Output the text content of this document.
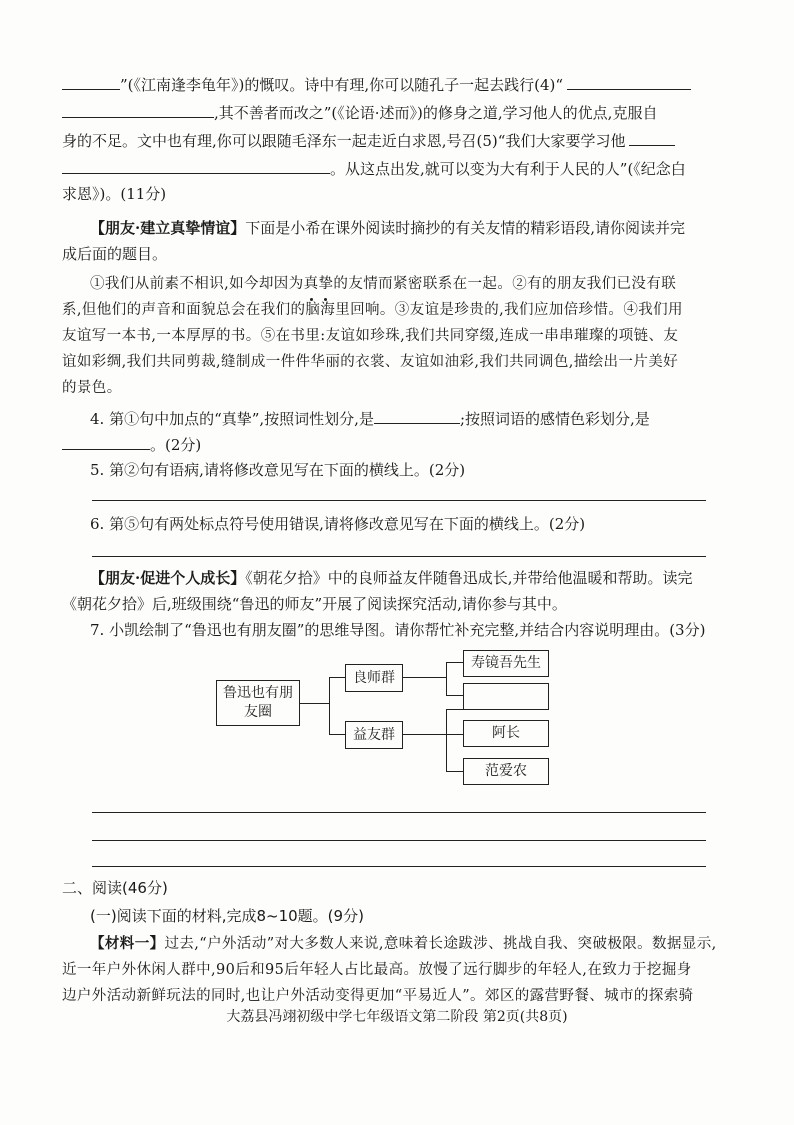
”(《江南逢李龟年》)的慨叹。诗中有理,你可以随孔子一起去践行(4)“
,其不善者而改之”(《论语·述而》)的修身之道,学习他人的优点,克服自
身的不足。文中也有理,你可以跟随毛泽东一起走近白求恩,号召(5)“我们大家要学习他
。从这点出发,就可以变为大有利于人民的人”(《纪念白
求恩》)。(11分)
【朋友·建立真挚情谊】下面是小希在课外阅读时摘抄的有关友情的精彩语段,请你阅读并完
成后面的题目。
①我们从前素不相识,如今却因为真挚的友情而紧密联系在一起。②有的朋友我们已没有联
系,但他们的声音和面貌总会在我们的脑海里回响。③友谊是珍贵的,我们应加倍珍惜。④我们用
友谊写一本书,一本厚厚的书。⑤在书里:友谊如珍珠,我们共同穿缀,连成一串串璀璨的项链、友
谊如彩绸,我们共同剪裁,缝制成一件件华丽的衣裳、友谊如油彩,我们共同调色,描绘出一片美好
的景色。
4. 第①句中加点的“真挚”,按照词性划分,是	;按照词语的感情色彩划分,是
。(2分)
5. 第②句有语病,请将修改意见写在下面的横线上。(2分)
6. 第⑤句有两处标点符号使用错误,请将修改意见写在下面的横线上。(2分)
【朋友·促进个人成长】《朝花夕拾》中的良师益友伴随鲁迅成长,并带给他温暖和帮助。读完
《朝花夕拾》后,班级围绕“鲁迅的师友”开展了阅读探究活动,请你参与其中。
7. 小凯绘制了“鲁迅也有朋友圈”的思维导图。请你帮忙补充完整,并结合内容说明理由。(3分)
鲁迅也有朋友圈
良师群
益友群
寿镜吾先生
阿长
范爱农
二、阅读(46分)
(一)阅读下面的材料,完成8~10题。(9分)
【材料一】过去,“户外活动”对大多数人来说,意味着长途跋涉、挑战自我、突破极限。数据显示,
近一年户外休闲人群中,90后和95后年轻人占比最高。放慢了远行脚步的年轻人,在致力于挖掘身
边户外活动新鲜玩法的同时,也让户外活动变得更加“平易近人”。郊区的露营野餐、城市的探索骑
大荔县冯翊初级中学七年级语文第二阶段 第2页(共8页)
